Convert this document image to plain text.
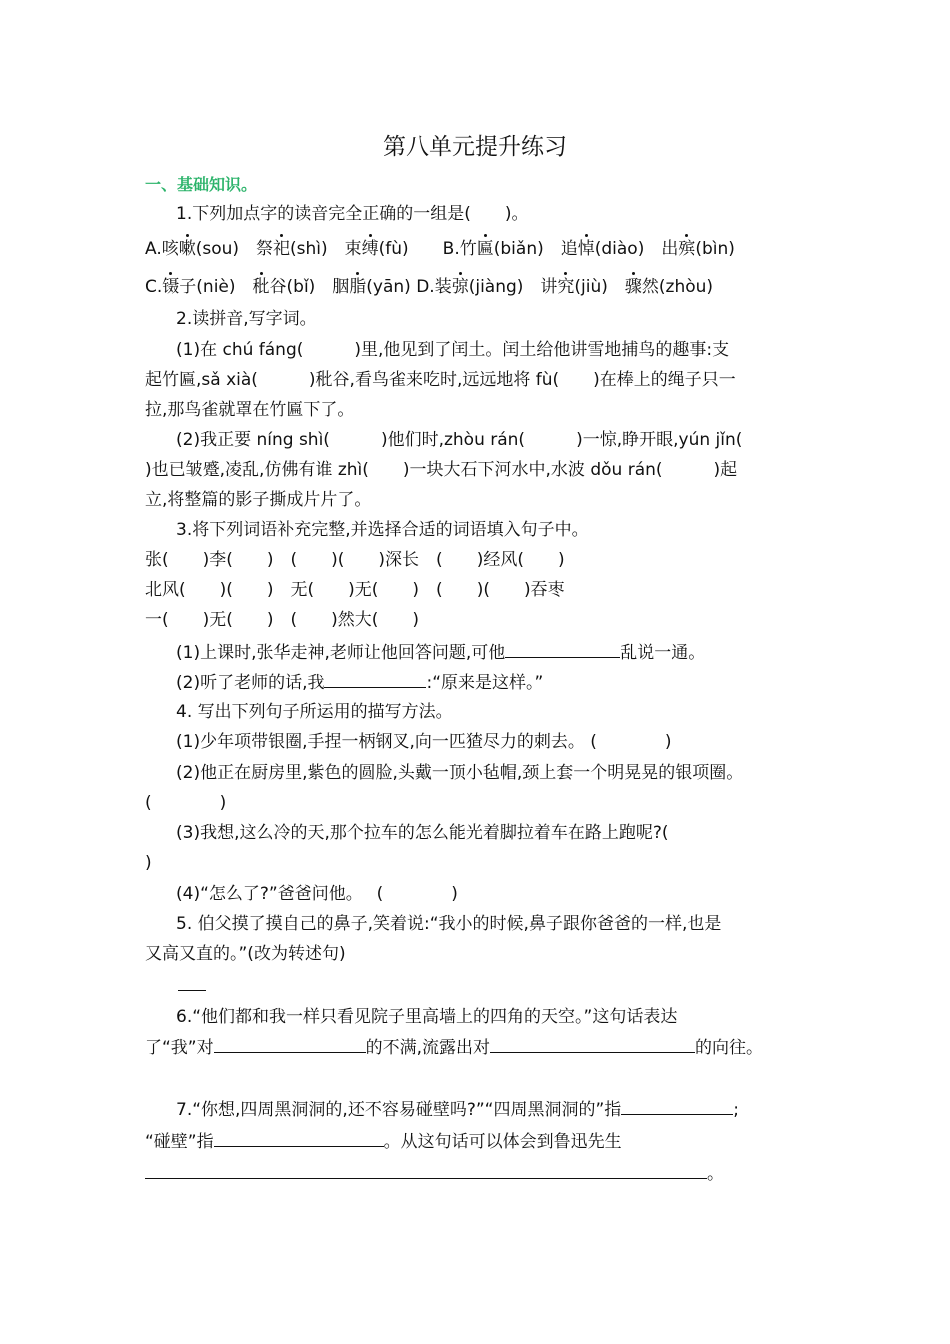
第八单元提升练习
一、基础知识。
1.下列加点字的读音完全正确的一组是(　　)。
A.咳嗽(sou)　祭祀(shì)　束缚(fù)　　B.竹匾(biǎn)　追悼(diào)　出殡(bìn)
C.镊子(niè)　秕谷(bǐ)　胭脂(yān) D.装弶(jiàng)　讲究(jiù)　骤然(zhòu)
2.读拼音,写字词。
(1)在 chú fáng(　　　)里,他见到了闰土。闰土给他讲雪地捕鸟的趣事:支
起竹匾,sǎ xià(　　　)秕谷,看鸟雀来吃时,远远地将 fù(　　)在棒上的绳子只一
拉,那鸟雀就罩在竹匾下了。
(2)我正要 níng shì(　　　)他们时,zhòu rán(　　　)一惊,睁开眼,yún jǐn(
)也已皱蹙,凌乱,仿佛有谁 zhì(　　)一块大石下河水中,水波 dǒu rán(　　　)起
立,将整篇的影子撕成片片了。
3.将下列词语补充完整,并选择合适的词语填入句子中。
张(　　)李(　　)　(　　)(　　)深长　(　　)经风(　　)
北风(　　)(　　)　无(　　)无(　　)　(　　)(　　)吞枣
一(　　)无(　　)　(　　)然大(　　)
(1)上课时,张华走神,老师让他回答问题,可他	乱说一通。
(2)听了老师的话,我	:“原来是这样。”
4. 写出下列句子所运用的描写方法。
(1)少年项带银圈,手捏一柄钢叉,向一匹猹尽力的刺去。 (　　　　)
(2)他正在厨房里,紫色的圆脸,头戴一顶小毡帽,颈上套一个明晃晃的银项圈。
(　　　　)
(3)我想,这么冷的天,那个拉车的怎么能光着脚拉着车在路上跑呢?(
)
(4)“怎么了?”爸爸问他。　 (　　　　)
5. 伯父摸了摸自己的鼻子,笑着说:“我小的时候,鼻子跟你爸爸的一样,也是
又高又直的。”(改为转述句)
6.“他们都和我一样只看见院子里高墙上的四角的天空。”这句话表达
了“我”对	的不满,流露出对	的向往。
7.“你想,四周黑洞洞的,还不容易碰壁吗?”“四周黑洞洞的”指	;
“碰壁”指	。从这句话可以体会到鲁迅先生
。
